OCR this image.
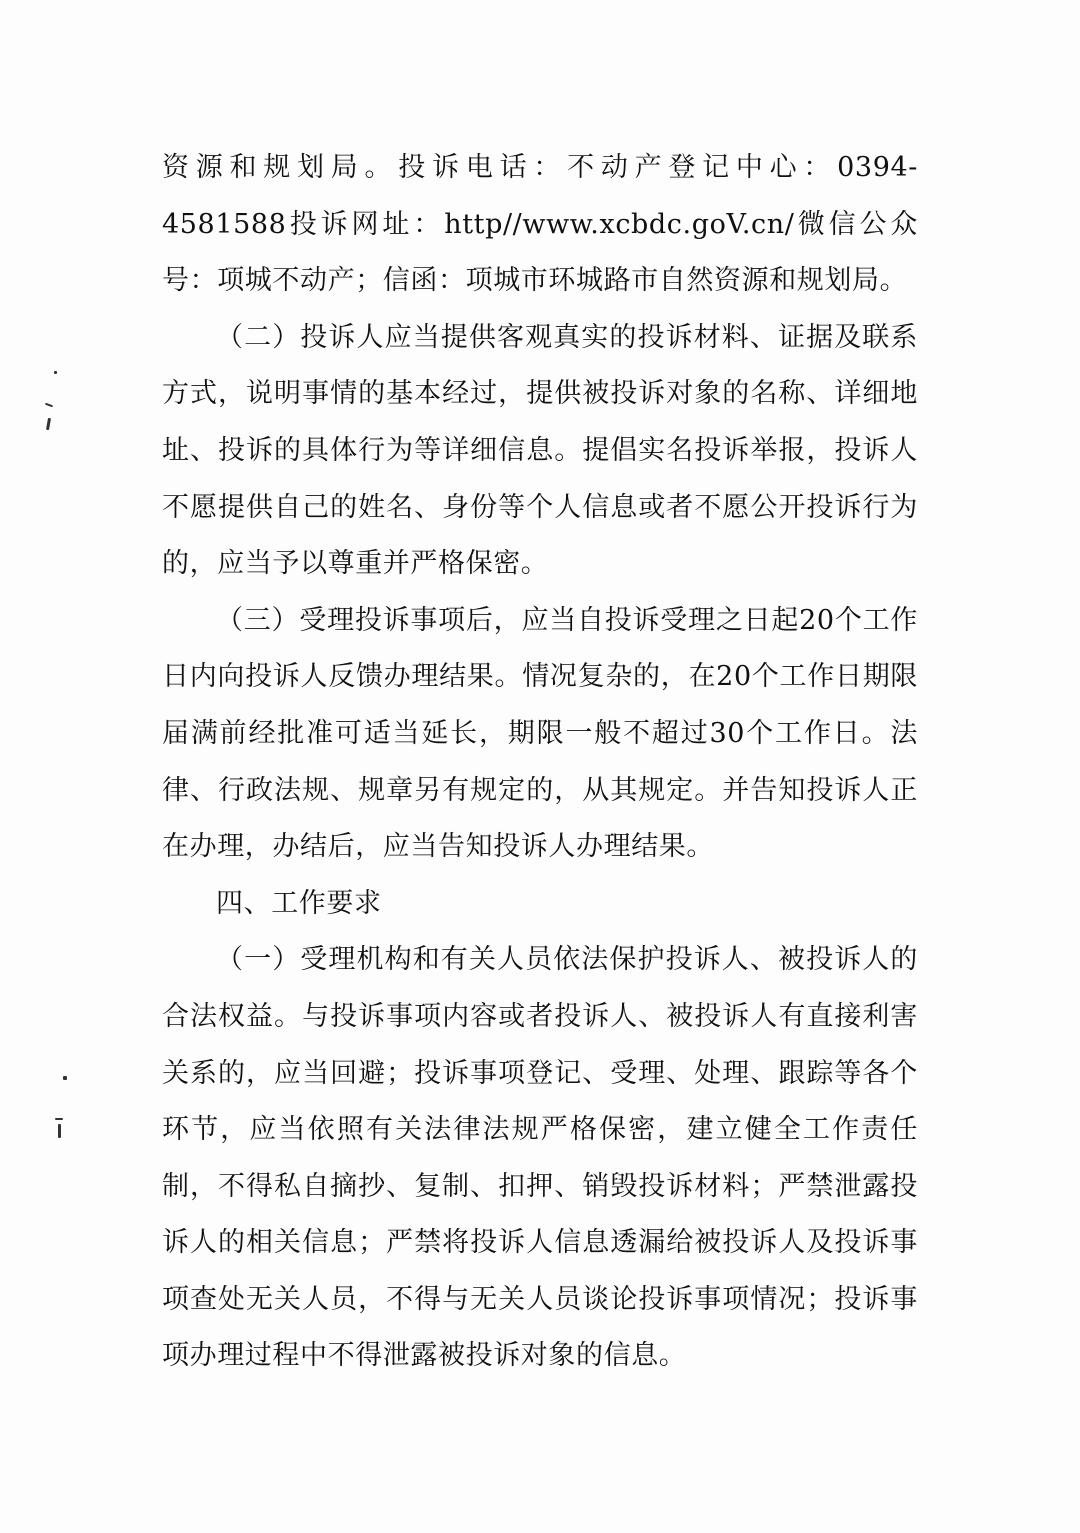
资源和规划局。投诉电话：不动产登记中心：0394-4581588投诉网址：http//www.xcbdc.goV.cn/微信公众号：项城不动产；信函：项城市环城路市自然资源和规划局。

（二）投诉人应当提供客观真实的投诉材料、证据及联系方式，说明事情的基本经过，提供被投诉对象的名称、详细地址、投诉的具体行为等详细信息。提倡实名投诉举报，投诉人不愿提供自己的姓名、身份等个人信息或者不愿公开投诉行为的，应当予以尊重并严格保密。

（三）受理投诉事项后，应当自投诉受理之日起20个工作日内向投诉人反馈办理结果。情况复杂的，在20个工作日期限届满前经批准可适当延长，期限一般不超过30个工作日。法律、行政法规、规章另有规定的，从其规定。并告知投诉人正在办理，办结后，应当告知投诉人办理结果。

四、工作要求

（一）受理机构和有关人员依法保护投诉人、被投诉人的合法权益。与投诉事项内容或者投诉人、被投诉人有直接利害关系的，应当回避；投诉事项登记、受理、处理、跟踪等各个环节，应当依照有关法律法规严格保密，建立健全工作责任制，不得私自摘抄、复制、扣押、销毁投诉材料；严禁泄露投诉人的相关信息；严禁将投诉人信息透漏给被投诉人及投诉事项查处无关人员，不得与无关人员谈论投诉事项情况；投诉事项办理过程中不得泄露被投诉对象的信息。
